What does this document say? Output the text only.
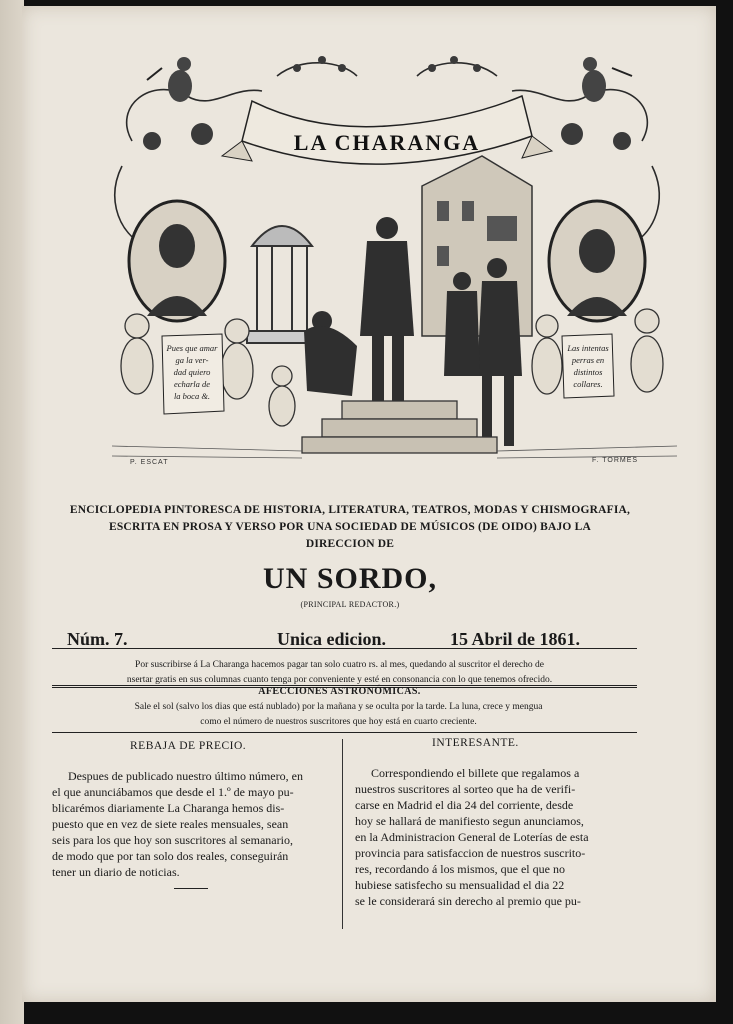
LA CHARANGA
Pues que amar
ga la ver-
dad quiero
echarla de
la boca &.
Las intentas
perras en
distintos
collares.
P. ESCAT	F. TORMES
ENCICLOPEDIA PINTORESCA DE HISTORIA, LITERATURA, TEATROS, MODAS Y CHISMOGRAFIA,
ESCRITA EN PROSA Y VERSO POR UNA SOCIEDAD DE MÚSICOS (DE OIDO) BAJO LA
DIRECCION DE
UN SORDO,
(PRINCIPAL REDACTOR.)
Núm. 7.	Unica edicion.	15 Abril de 1861.
Por suscribirse á La Charanga hacemos pagar tan solo cuatro rs. al mes, quedando al suscritor el derecho de
nsertar gratis en sus columnas cuanto tenga por conveniente y esté en consonancia con lo que tenemos ofrecido.
AFECCIONES ASTRONÓMICAS.
Sale el sol (salvo los dias que está nublado) por la mañana y se oculta por la tarde. La luna, crece y mengua
como el número de nuestros suscritores que hoy está en cuarto creciente.
REBAJA DE PRECIO.
Despues de publicado nuestro último número, en
el que anunciábamos que desde el 1.º de mayo pu-
blicarémos diariamente La Charanga hemos dis-
puesto que en vez de siete reales mensuales, sean
seis para los que hoy son suscritores al semanario,
de modo que por tan solo dos reales, conseguirán
tener un diario de noticias.
INTERESANTE.
Correspondiendo el billete que regalamos a
nuestros suscritores al sorteo que ha de verifi-
carse en Madrid el dia 24 del corriente, desde
hoy se hallará de manifiesto segun anunciamos,
en la Administracion General de Loterías de esta
provincia para satisfaccion de nuestros suscrito-
res, recordando á los mismos, que el que no
hubiese satisfecho su mensualidad el dia 22
se le considerará sin derecho al premio que pu-
